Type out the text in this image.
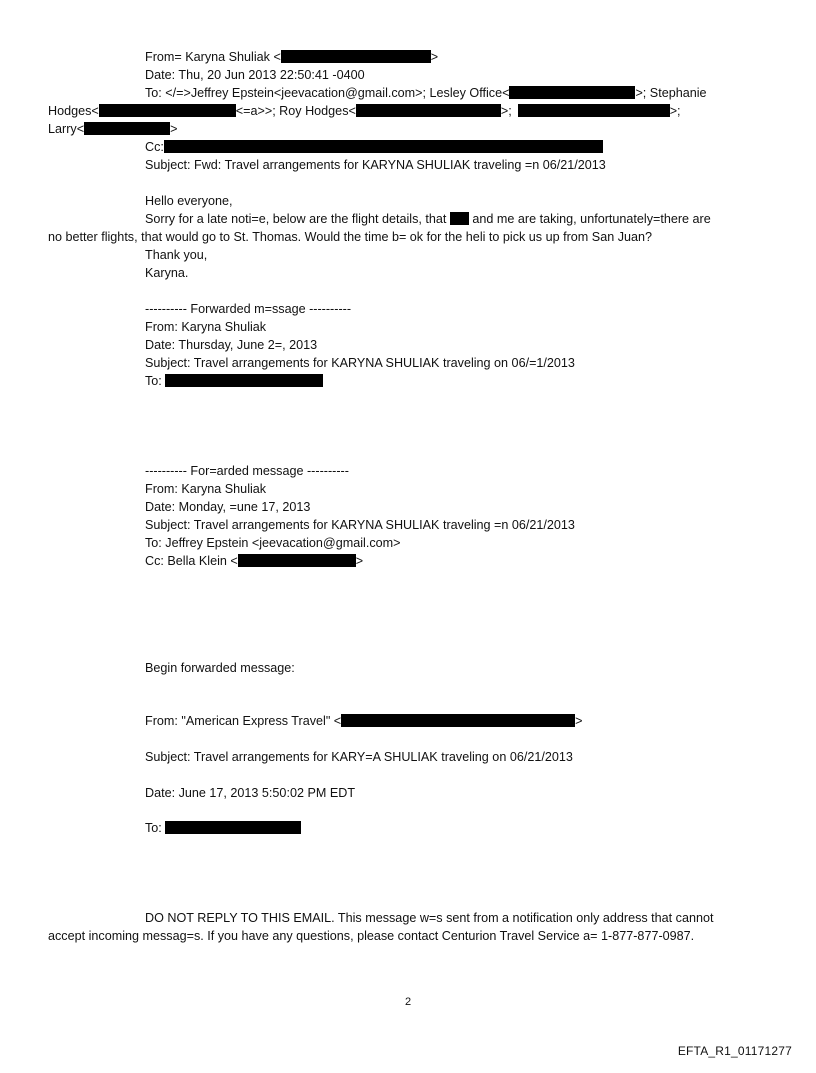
From= Karyna Shuliak <	>
Date: Thu, 20 Jun 2013 22:50:41 -0400
To: </=>Jeffrey Epstein<jeevacation@gmail.com>; Lesley Office<	>; Stephanie
Hodges<	<=a>>; Roy Hodges<	>;	>;
Larry<	>
Cc:
Subject: Fwd: Travel arrangements for KARYNA SHULIAK traveling =n 06/21/2013
Hello everyone,
Sorry for a late noti=e, below are the flight details, that and me are taking, unfortunately=there are
no better flights, that would go to St. Thomas. Would the time b= ok for the heli to pick us up from San Juan?
Thank you,
Karyna.
---------- Forwarded m=ssage ----------
From: Karyna Shuliak
Date: Thursday, June 2=, 2013
Subject: Travel arrangements for KARYNA SHULIAK traveling on 06/=1/2013
To:
---------- For=arded message ----------
From: Karyna Shuliak
Date: Monday, =une 17, 2013
Subject: Travel arrangements for KARYNA SHULIAK traveling =n 06/21/2013
To: Jeffrey Epstein <jeevacation@gmail.com>
Cc: Bella Klein <	>
Begin forwarded message:
From: "American Express Travel" <	>
Subject: Travel arrangements for KARY=A SHULIAK traveling on 06/21/2013
Date: June 17, 2013 5:50:02 PM EDT
To:
DO NOT REPLY TO THIS EMAIL. This message w=s sent from a notification only address that cannot
accept incoming messag=s. If you have any questions, please contact Centurion Travel Service a= 1-877-877-0987.
2
EFTA_R1_01171277
